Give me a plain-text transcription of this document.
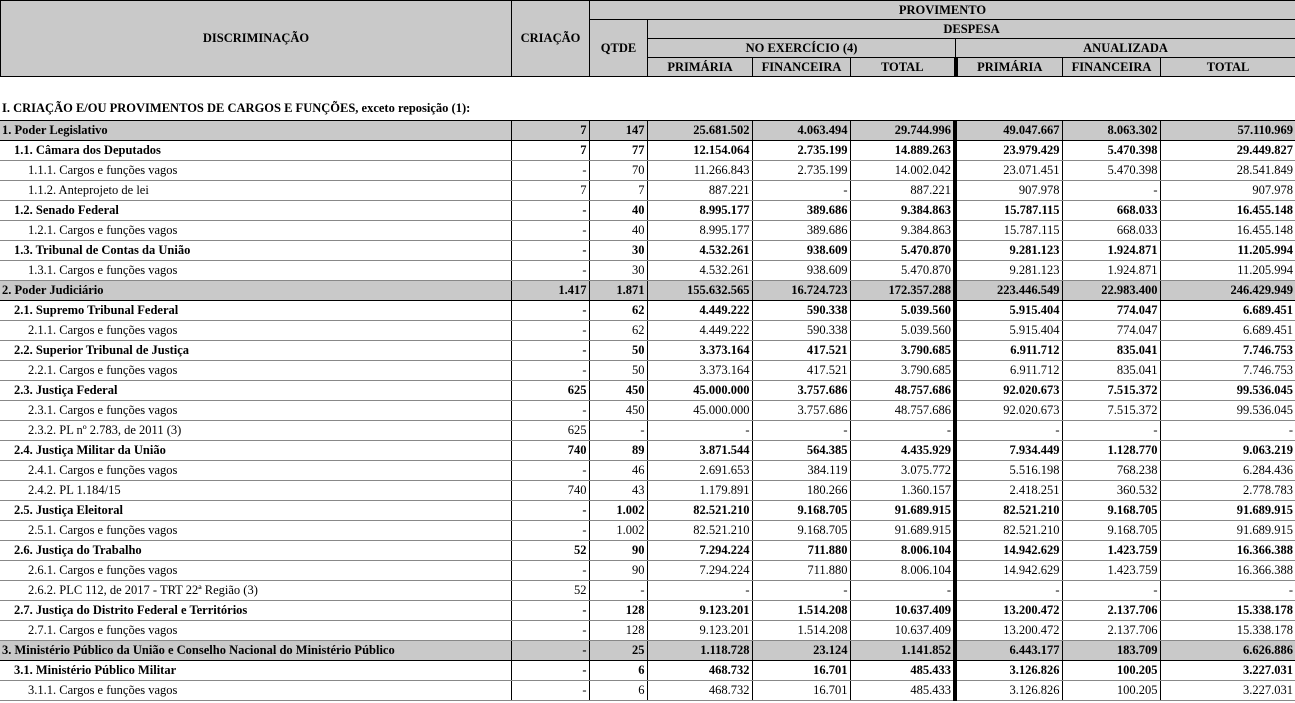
DISCRIMINAÇÃO	CRIAÇÃO	PROVIMENTO						
		QTDE	DESPESA					
			NO EXERCÍCIO (4)			ANUALIZADA		
			PRIMÁRIA	FINANCEIRA	TOTAL	PRIMÁRIA	FINANCEIRA	TOTAL
I. CRIAÇÃO E/OU PROVIMENTOS DE CARGOS E FUNÇÕES, exceto reposição (1):
1. Poder Legislativo	7	147	25.681.502	4.063.494	29.744.996	49.047.667	8.063.302	57.110.969
1.1. Câmara dos Deputados	7	77	12.154.064	2.735.199	14.889.263	23.979.429	5.470.398	29.449.827
1.1.1. Cargos e funções vagos	-	70	11.266.843	2.735.199	14.002.042	23.071.451	5.470.398	28.541.849
1.1.2. Anteprojeto de lei	7	7	887.221	-	887.221	907.978	-	907.978
1.2. Senado Federal	-	40	8.995.177	389.686	9.384.863	15.787.115	668.033	16.455.148
1.2.1. Cargos e funções vagos	-	40	8.995.177	389.686	9.384.863	15.787.115	668.033	16.455.148
1.3. Tribunal de Contas da União	-	30	4.532.261	938.609	5.470.870	9.281.123	1.924.871	11.205.994
1.3.1. Cargos e funções vagos	-	30	4.532.261	938.609	5.470.870	9.281.123	1.924.871	11.205.994
2. Poder Judiciário	1.417	1.871	155.632.565	16.724.723	172.357.288	223.446.549	22.983.400	246.429.949
2.1. Supremo Tribunal Federal	-	62	4.449.222	590.338	5.039.560	5.915.404	774.047	6.689.451
2.1.1. Cargos e funções vagos	-	62	4.449.222	590.338	5.039.560	5.915.404	774.047	6.689.451
2.2. Superior Tribunal de Justiça	-	50	3.373.164	417.521	3.790.685	6.911.712	835.041	7.746.753
2.2.1. Cargos e funções vagos	-	50	3.373.164	417.521	3.790.685	6.911.712	835.041	7.746.753
2.3. Justiça Federal	625	450	45.000.000	3.757.686	48.757.686	92.020.673	7.515.372	99.536.045
2.3.1. Cargos e funções vagos	-	450	45.000.000	3.757.686	48.757.686	92.020.673	7.515.372	99.536.045
2.3.2. PL nº 2.783, de 2011 (3)	625	-	-	-	-	-	-	-
2.4. Justiça Militar da União	740	89	3.871.544	564.385	4.435.929	7.934.449	1.128.770	9.063.219
2.4.1. Cargos e funções vagos	-	46	2.691.653	384.119	3.075.772	5.516.198	768.238	6.284.436
2.4.2. PL 1.184/15	740	43	1.179.891	180.266	1.360.157	2.418.251	360.532	2.778.783
2.5. Justiça Eleitoral	-	1.002	82.521.210	9.168.705	91.689.915	82.521.210	9.168.705	91.689.915
2.5.1. Cargos e funções vagos	-	1.002	82.521.210	9.168.705	91.689.915	82.521.210	9.168.705	91.689.915
2.6. Justiça do Trabalho	52	90	7.294.224	711.880	8.006.104	14.942.629	1.423.759	16.366.388
2.6.1. Cargos e funções vagos	-	90	7.294.224	711.880	8.006.104	14.942.629	1.423.759	16.366.388
2.6.2. PLC 112, de 2017 - TRT 22ª Região (3)	52	-	-	-	-	-	-	-
2.7. Justiça do Distrito Federal e Territórios	-	128	9.123.201	1.514.208	10.637.409	13.200.472	2.137.706	15.338.178
2.7.1. Cargos e funções vagos	-	128	9.123.201	1.514.208	10.637.409	13.200.472	2.137.706	15.338.178
3. Ministério Público da União e Conselho Nacional do Ministério Público	-	25	1.118.728	23.124	1.141.852	6.443.177	183.709	6.626.886
3.1. Ministério Público Militar	-	6	468.732	16.701	485.433	3.126.826	100.205	3.227.031
3.1.1. Cargos e funções vagos	-	6	468.732	16.701	485.433	3.126.826	100.205	3.227.031
